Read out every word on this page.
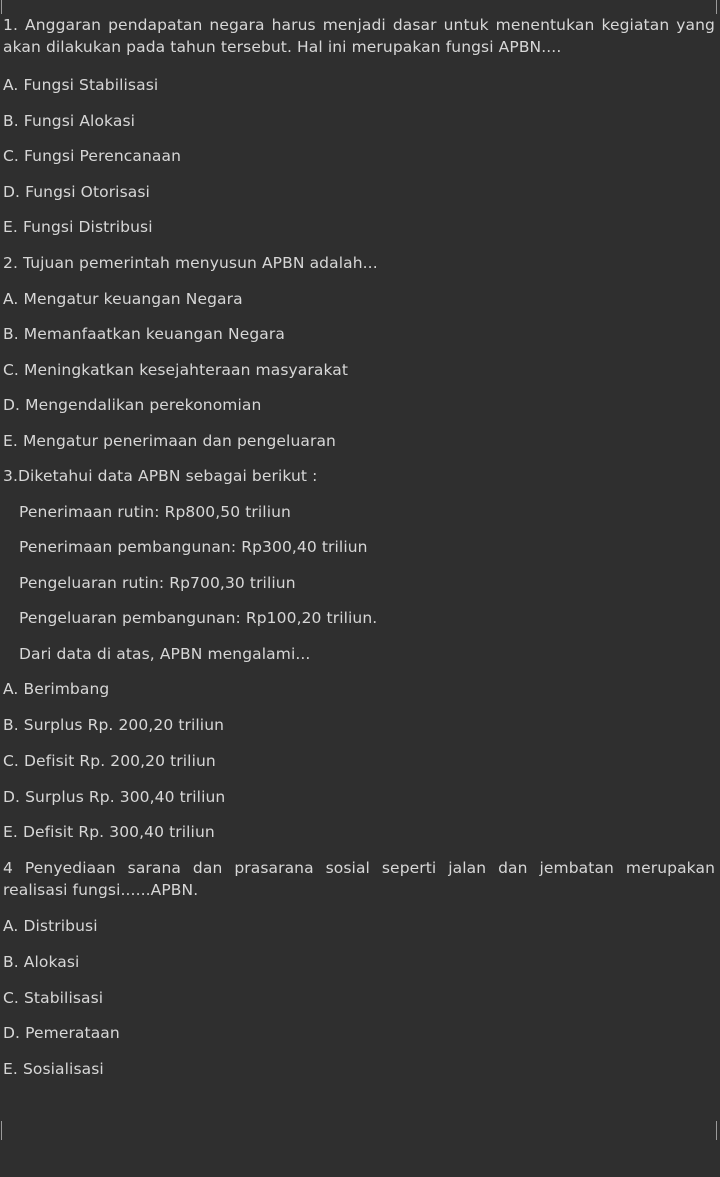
1. Anggaran pendapatan negara harus menjadi dasar untuk menentukan kegiatan yang akan dilakukan pada tahun tersebut. Hal ini merupakan fungsi APBN....
A. Fungsi Stabilisasi
B. Fungsi Alokasi
C. Fungsi Perencanaan
D. Fungsi Otorisasi
E. Fungsi Distribusi
2. Tujuan pemerintah menyusun APBN adalah...
A. Mengatur keuangan Negara
B. Memanfaatkan keuangan Negara
C. Meningkatkan kesejahteraan masyarakat
D. Mengendalikan perekonomian
E. Mengatur penerimaan dan pengeluaran
3.Diketahui data APBN sebagai berikut :
Penerimaan rutin: Rp800,50 triliun
Penerimaan pembangunan: Rp300,40 triliun
Pengeluaran rutin: Rp700,30 triliun
Pengeluaran pembangunan: Rp100,20 triliun.
Dari data di atas, APBN mengalami...
A. Berimbang
B. Surplus Rp. 200,20 triliun
C. Defisit Rp. 200,20 triliun
D. Surplus Rp. 300,40 triliun
E. Defisit Rp. 300,40 triliun
4 Penyediaan sarana dan prasarana sosial seperti jalan dan jembatan merupakan realisasi fungsi......APBN.
A. Distribusi
B. Alokasi
C. Stabilisasi
D. Pemerataan
E. Sosialisasi
